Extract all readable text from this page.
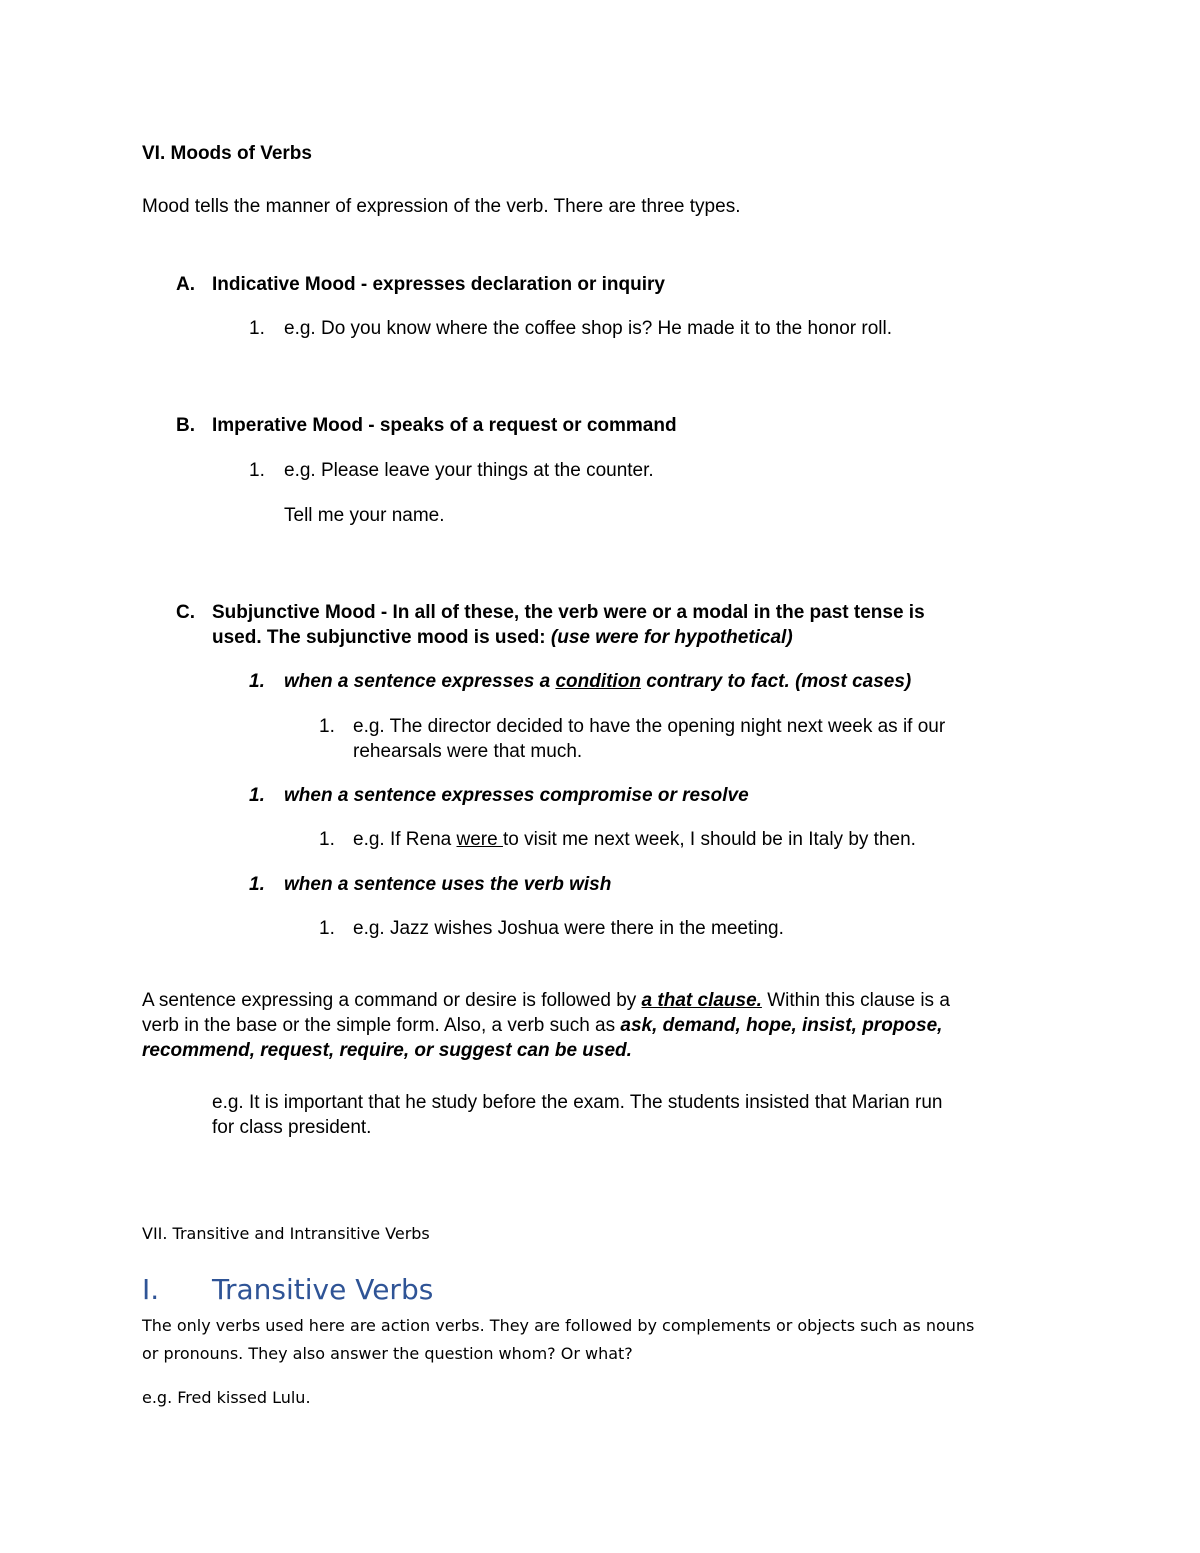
VI. Moods of Verbs
Mood tells the manner of expression of the verb. There are three types.
A. Indicative Mood - expresses declaration or inquiry
1. e.g. Do you know where the coffee shop is? He made it to the honor roll.
B. Imperative Mood - speaks of a request or command
1. e.g. Please leave your things at the counter.
Tell me your name.
C. Subjunctive Mood - In all of these, the verb were or a modal in the past tense is
used. The subjunctive mood is used: (use were for hypothetical)
1. when a sentence expresses a condition contrary to fact. (most cases)
1. e.g. The director decided to have the opening night next week as if our
rehearsals were that much.
1. when a sentence expresses compromise or resolve
1. e.g. If Rena were to visit me next week, I should be in Italy by then.
1. when a sentence uses the verb wish
1. e.g. Jazz wishes Joshua were there in the meeting.
A sentence expressing a command or desire is followed by a that clause. Within this clause is a
verb in the base or the simple form. Also, a verb such as ask, demand, hope, insist, propose,
recommend, request, require, or suggest can be used.
e.g. It is important that he study before the exam. The students insisted that Marian run
for class president.
VII. Transitive and Intransitive Verbs
I. Transitive Verbs
The only verbs used here are action verbs. They are followed by complements or objects such as nouns
or pronouns. They also answer the question whom? Or what?
e.g. Fred kissed Lulu.
